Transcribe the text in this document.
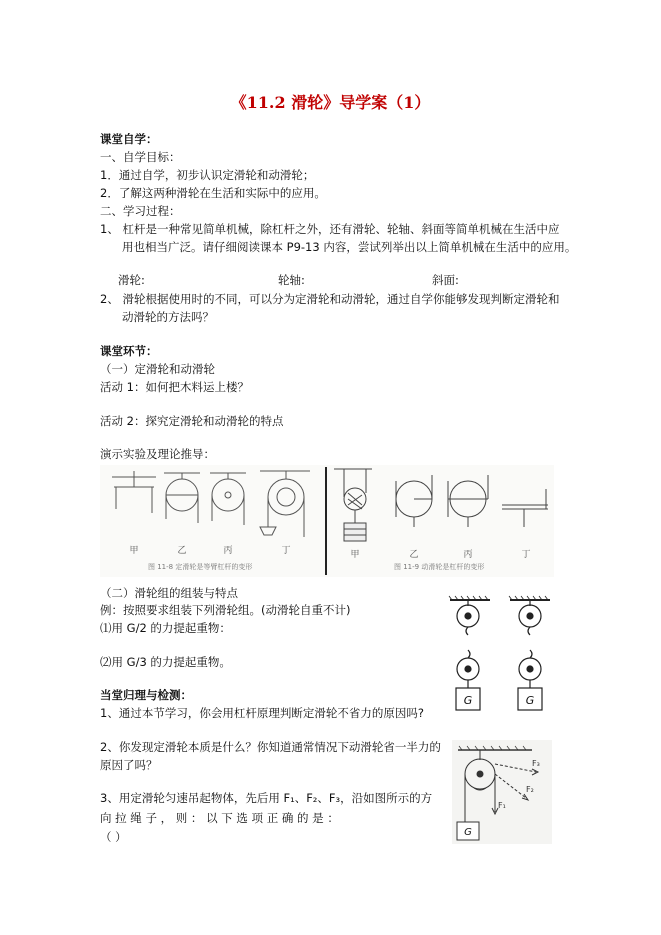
《11.2 滑轮》导学案（1）
课堂自学：
一、自学目标：
1．通过自学，初步认识定滑轮和动滑轮；
2．了解这两种滑轮在生活和实际中的应用。
二、学习过程：
1、 杠杆是一种常见简单机械，除杠杆之外，还有滑轮、轮轴、斜面等简单机械在生活中应
用也相当广泛。请仔细阅读课本 P9-13 内容，尝试列举出以上简单机械在生活中的应用。
滑轮:	轮轴:	斜面:
2、 滑轮根据使用时的不同，可以分为定滑轮和动滑轮，通过自学你能够发现判断定滑轮和
动滑轮的方法吗？
课堂环节：
（一）定滑轮和动滑轮
活动 1：如何把木料运上楼？
活动 2：探究定滑轮和动滑轮的特点
演示实验及理论推导：
甲	乙	丙	丁
图 11-8 定滑轮是等臂杠杆的变形
甲	乙	丙	丁
图 11-9 动滑轮是杠杆的变形
（二）滑轮组的组装与特点
例：按照要求组装下列滑轮组。(动滑轮自重不计)
⑴用 G/2 的力提起重物：
⑵用 G/3 的力提起重物。
G	G
当堂归理与检测：
1、通过本节学习，你会用杠杆原理判断定滑轮不省力的原因吗?
2、你发现定滑轮本质是什么？你知道通常情况下动滑轮省一半力的
原因了吗？
3、用定滑轮匀速吊起物体，先后用 F₁、F₂、F₃，沿如图所示的方
向 拉 绳 子 ， 则 ： 以 下 选 项 正 确 的 是 ：
（ ）	G
F₁
F₂
F₃
